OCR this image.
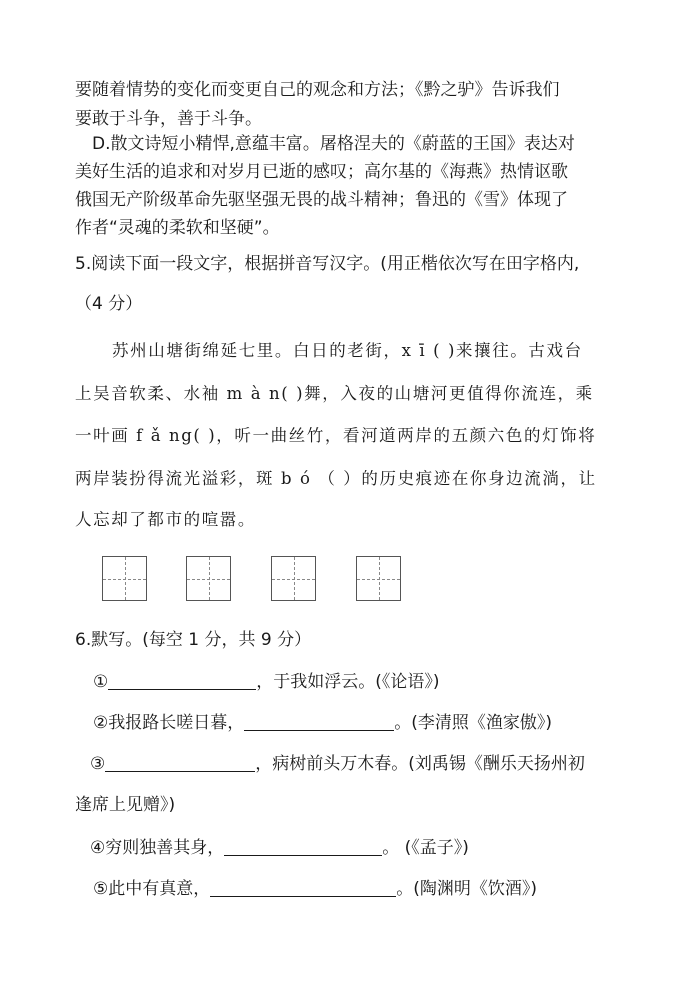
要随着情势的变化而变更自己的观念和方法；《黔之驴》告诉我们
要敢于斗争，善于斗争。
D.散文诗短小精悍,意蕴丰富。屠格涅夫的《蔚蓝的王国》表达对
美好生活的追求和对岁月已逝的感叹；高尔基的《海燕》热情讴歌
俄国无产阶级革命先驱坚强无畏的战斗精神；鲁迅的《雪》体现了
作者“灵魂的柔软和坚硬”。
5.阅读下面一段文字，根据拼音写汉字。(用正楷依次写在田字格内,
（4 分）
苏州山塘街绵延七里。白日的老街，x ī ( )来攘往。古戏台
上吴音软柔、水袖 m à n( )舞，入夜的山塘河更值得你流连，乘
一叶画 f ǎ ng( )，听一曲丝竹，看河道两岸的五颜六色的灯饰将
两岸装扮得流光溢彩，斑 b ó （ ）的历史痕迹在你身边流淌，让
人忘却了都市的喧嚣。
6.默写。(每空 1 分，共 9 分）
①	，于我如浮云。(《论语》)
②我报路长嗟日暮，	。(李清照《渔家傲》)
③	，病树前头万木春。(刘禹锡《酬乐天扬州初
逢席上见赠》)
④穷则独善其身，	。 (《孟子》)
⑤此中有真意，	。(陶渊明《饮酒》)
